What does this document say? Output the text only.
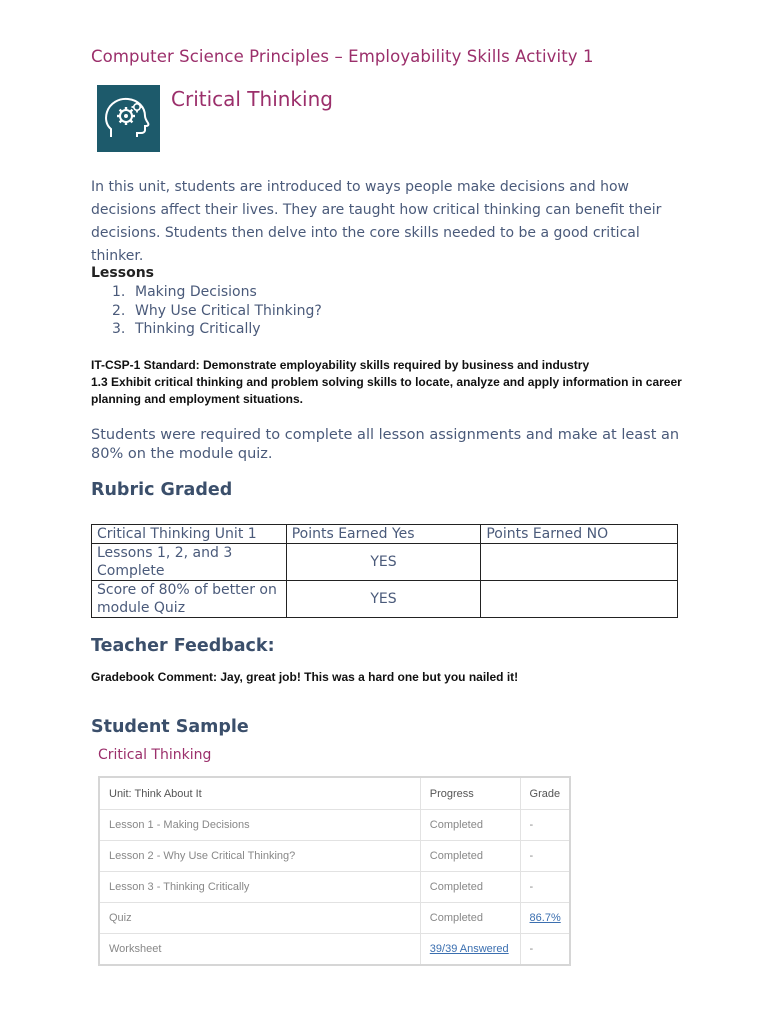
Computer Science Principles – Employability Skills Activity 1
Critical Thinking
In this unit, students are introduced to ways people make decisions and how decisions affect their lives. They are taught how critical thinking can benefit their decisions. Students then delve into the core skills needed to be a good critical thinker.
Lessons
1. Making Decisions
2. Why Use Critical Thinking?
3. Thinking Critically
IT-CSP-1 Standard: Demonstrate employability skills required by business and industry
1.3 Exhibit critical thinking and problem solving skills to locate, analyze and apply information in career planning and employment situations.
Students were required to complete all lesson assignments and make at least an 80% on the module quiz.
Rubric Graded
Critical Thinking Unit 1	Points Earned Yes	Points Earned NO
Lessons 1, 2, and 3 Complete	YES	
Score of 80% of better on module Quiz	YES	
Teacher Feedback:
Gradebook Comment: Jay, great job! This was a hard one but you nailed it!
Student Sample
Critical Thinking
Unit: Think About It	Progress	Grade
Lesson 1 - Making Decisions	Completed	-
Lesson 2 - Why Use Critical Thinking?	Completed	-
Lesson 3 - Thinking Critically	Completed	-
Quiz	Completed	86.7%
Worksheet	39/39 Answered	-
